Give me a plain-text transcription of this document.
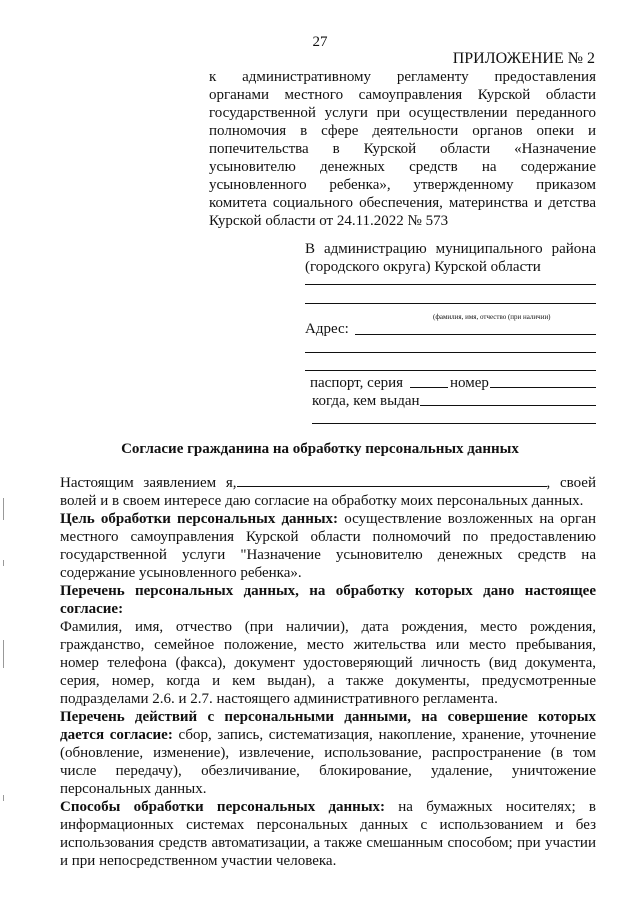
27
ПРИЛОЖЕНИЕ № 2
к административному регламенту предоставления
органами местного самоуправления Курской области
государственной услуги при осуществлении переданного
полномочия в сфере деятельности органов опеки и
попечительства в Курской области «Назначение
усыновителю денежных средств на содержание
усыновленного ребенка», утвержденному приказом
комитета социального обеспечения, материнства и детства
Курской области от 24.11.2022 № 573
В администрацию муниципального района
(городского округа) Курской области
(фамилия, имя, отчество (при наличии)
Адрес:
паспорт, серия	номер
когда, кем выдан
Согласие гражданина на обработку персональных данных

Настоящим заявлением я,	, своей

волей и в своем интересе даю согласие на обработку моих персональных данных.

Цель обработки персональных данных: осуществление возложенных на орган местного самоуправления Курской области полномочий по предоставлению государственной услуги "Назначение усыновителю денежных средств на содержание усыновленного ребенка».

Перечень персональных данных, на обработку которых дано настоящее согласие:

Фамилия, имя, отчество (при наличии), дата рождения, место рождения, гражданство, семейное положение, место жительства или место пребывания, номер телефона (факса), документ удостоверяющий личность (вид документа, серия, номер, когда и кем выдан), а также документы, предусмотренные подразделами 2.6. и 2.7. настоящего административного регламента.

Перечень действий с персональными данными, на совершение которых дается согласие: сбор, запись, систематизация, накопление, хранение, уточнение (обновление, изменение), извлечение, использование, распространение (в том числе передачу), обезличивание, блокирование, удаление, уничтожение персональных данных.

Способы обработки персональных данных: на бумажных носителях; в информационных системах персональных данных с использованием и без использования средств автоматизации, а также смешанным способом; при участии и при непосредственном участии человека.
